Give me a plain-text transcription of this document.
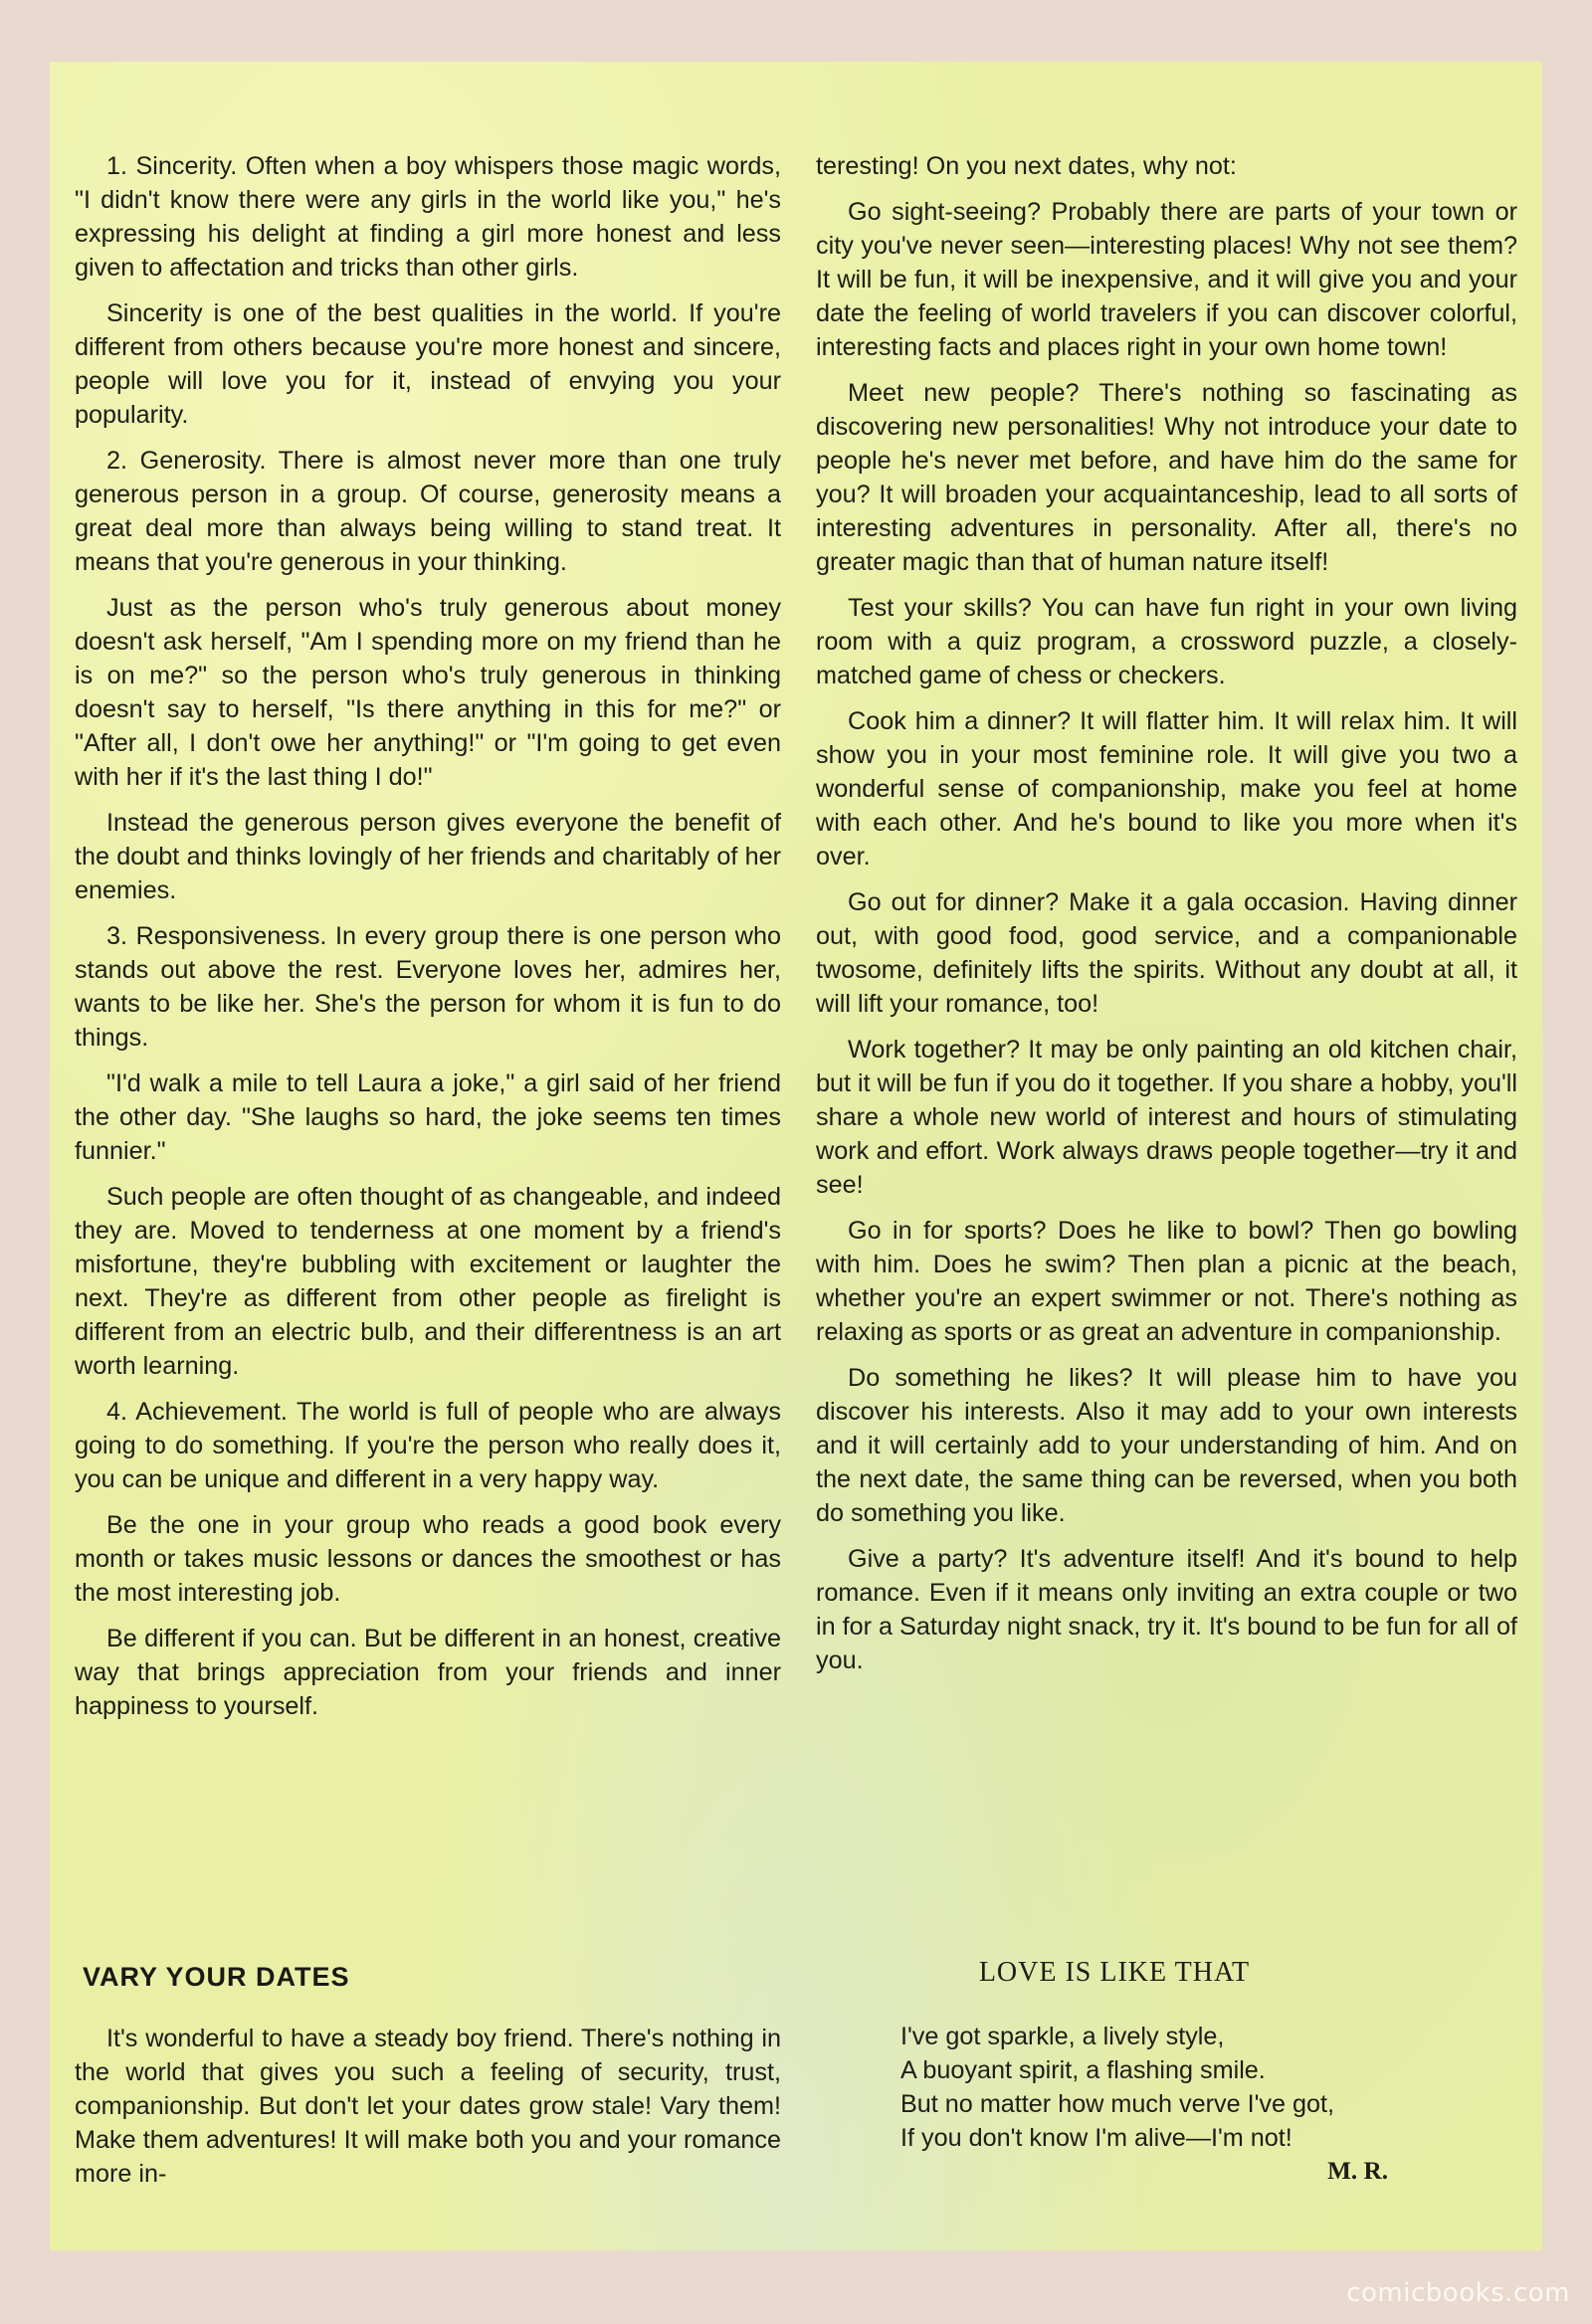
1. Sincerity. Often when a boy whispers those magic words, "I didn't know there were any girls in the world like you," he's expressing his delight at finding a girl more honest and less given to affectation and tricks than other girls.

Sincerity is one of the best qualities in the world. If you're different from others because you're more honest and sincere, people will love you for it, instead of envying you your popularity.

2. Generosity. There is almost never more than one truly generous person in a group. Of course, generosity means a great deal more than always being willing to stand treat. It means that you're generous in your thinking.

Just as the person who's truly generous about money doesn't ask herself, "Am I spending more on my friend than he is on me?" so the person who's truly generous in thinking doesn't say to herself, "Is there anything in this for me?" or "After all, I don't owe her anything!" or "I'm going to get even with her if it's the last thing I do!"

Instead the generous person gives everyone the benefit of the doubt and thinks lovingly of her friends and charitably of her enemies.

3. Responsiveness. In every group there is one person who stands out above the rest. Everyone loves her, admires her, wants to be like her. She's the person for whom it is fun to do things.

"I'd walk a mile to tell Laura a joke," a girl said of her friend the other day. "She laughs so hard, the joke seems ten times funnier."

Such people are often thought of as changeable, and indeed they are. Moved to tenderness at one moment by a friend's misfortune, they're bubbling with excitement or laughter the next. They're as different from other people as firelight is different from an electric bulb, and their differentness is an art worth learning.

4. Achievement. The world is full of people who are always going to do something. If you're the person who really does it, you can be unique and different in a very happy way.

Be the one in your group who reads a good book every month or takes music lessons or dances the smoothest or has the most interesting job.

Be different if you can. But be different in an honest, creative way that brings appreciation from your friends and inner happiness to yourself.

VARY YOUR DATES

It's wonderful to have a steady boy friend. There's nothing in the world that gives you such a feeling of security, trust, companionship. But don't let your dates grow stale! Vary them! Make them adventures! It will make both you and your romance more in-

teresting! On you next dates, why not:

Go sight-seeing? Probably there are parts of your town or city you've never seen—interesting places! Why not see them? It will be fun, it will be inexpensive, and it will give you and your date the feeling of world travelers if you can discover colorful, interesting facts and places right in your own home town!

Meet new people? There's nothing so fascinating as discovering new personalities! Why not introduce your date to people he's never met before, and have him do the same for you? It will broaden your acquaintanceship, lead to all sorts of interesting adventures in personality. After all, there's no greater magic than that of human nature itself!

Test your skills? You can have fun right in your own living room with a quiz program, a crossword puzzle, a closely-matched game of chess or checkers.

Cook him a dinner? It will flatter him. It will relax him. It will show you in your most feminine role. It will give you two a wonderful sense of companionship, make you feel at home with each other. And he's bound to like you more when it's over.

Go out for dinner? Make it a gala occasion. Having dinner out, with good food, good service, and a companionable twosome, definitely lifts the spirits. Without any doubt at all, it will lift your romance, too!

Work together? It may be only painting an old kitchen chair, but it will be fun if you do it together. If you share a hobby, you'll share a whole new world of interest and hours of stimulating work and effort. Work always draws people together—try it and see!

Go in for sports? Does he like to bowl? Then go bowling with him. Does he swim? Then plan a picnic at the beach, whether you're an expert swimmer or not. There's nothing as relaxing as sports or as great an adventure in companionship.

Do something he likes? It will please him to have you discover his interests. Also it may add to your own interests and it will certainly add to your understanding of him. And on the next date, the same thing can be reversed, when you both do something you like.

Give a party? It's adventure itself! And it's bound to help romance. Even if it means only inviting an extra couple or two in for a Saturday night snack, try it. It's bound to be fun for all of you.

LOVE IS LIKE THAT
I've got sparkle, a lively style,
A buoyant spirit, a flashing smile.
But no matter how much verve I've got,
If you don't know I'm alive—I'm not!
M. R.
comicbooks.com
